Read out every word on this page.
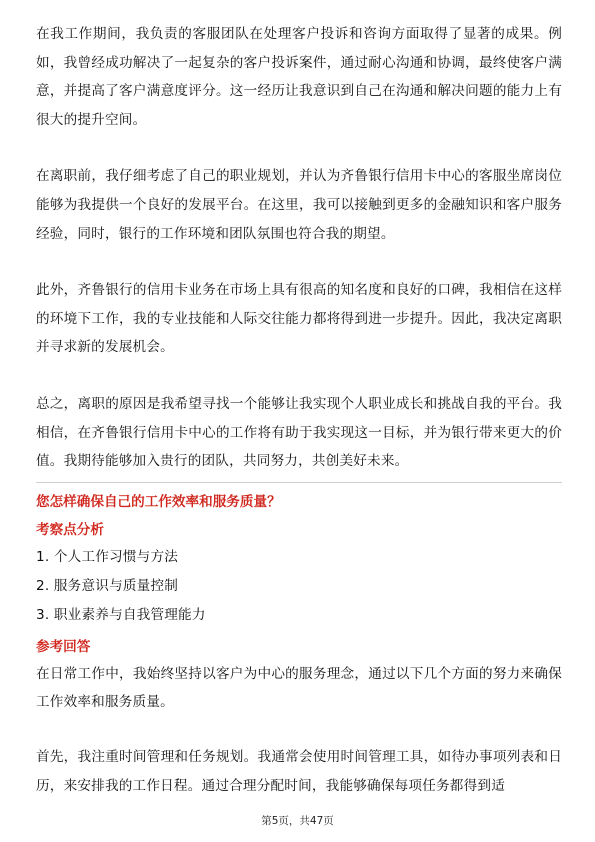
在我工作期间，我负责的客服团队在处理客户投诉和咨询方面取得了显著的成果。例如，我曾经成功解决了一起复杂的客户投诉案件，通过耐心沟通和协调，最终使客户满意，并提高了客户满意度评分。这一经历让我意识到自己在沟通和解决问题的能力上有很大的提升空间。

在离职前，我仔细考虑了自己的职业规划，并认为齐鲁银行信用卡中心的客服坐席岗位能够为我提供一个良好的发展平台。在这里，我可以接触到更多的金融知识和客户服务经验，同时，银行的工作环境和团队氛围也符合我的期望。

此外，齐鲁银行的信用卡业务在市场上具有很高的知名度和良好的口碑，我相信在这样的环境下工作，我的专业技能和人际交往能力都将得到进一步提升。因此，我决定离职并寻求新的发展机会。

总之，离职的原因是我希望寻找一个能够让我实现个人职业成长和挑战自我的平台。我相信，在齐鲁银行信用卡中心的工作将有助于我实现这一目标，并为银行带来更大的价值。我期待能够加入贵行的团队，共同努力，共创美好未来。

您怎样确保自己的工作效率和服务质量？

考察点分析

1. 个人工作习惯与方法

2. 服务意识与质量控制

3. 职业素养与自我管理能力

参考回答

在日常工作中，我始终坚持以客户为中心的服务理念，通过以下几个方面的努力来确保工作效率和服务质量。

首先，我注重时间管理和任务规划。我通常会使用时间管理工具，如待办事项列表和日历，来安排我的工作日程。通过合理分配时间，我能够确保每项任务都得到适

第5页，共47页
